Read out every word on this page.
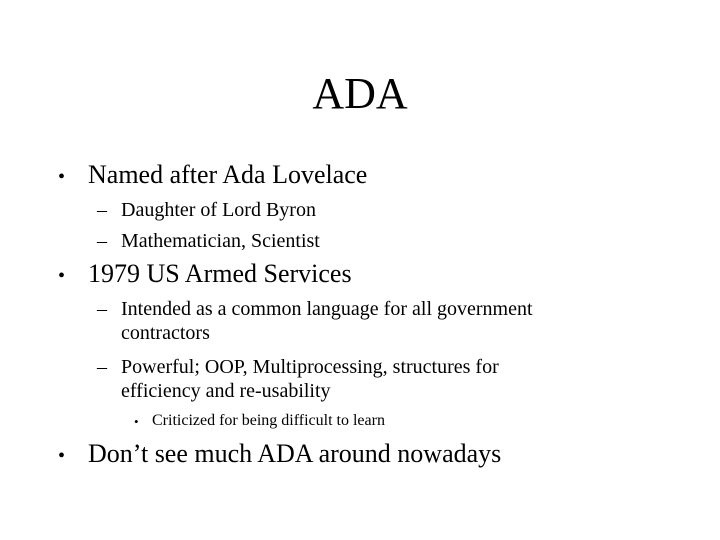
ADA
• Named after Ada Lovelace
– Daughter of Lord Byron
– Mathematician, Scientist
• 1979 US Armed Services
– Intended as a common language for all government
contractors
– Powerful; OOP, Multiprocessing, structures for
efficiency and re-usability
• Criticized for being difficult to learn
• Don’t see much ADA around nowadays
